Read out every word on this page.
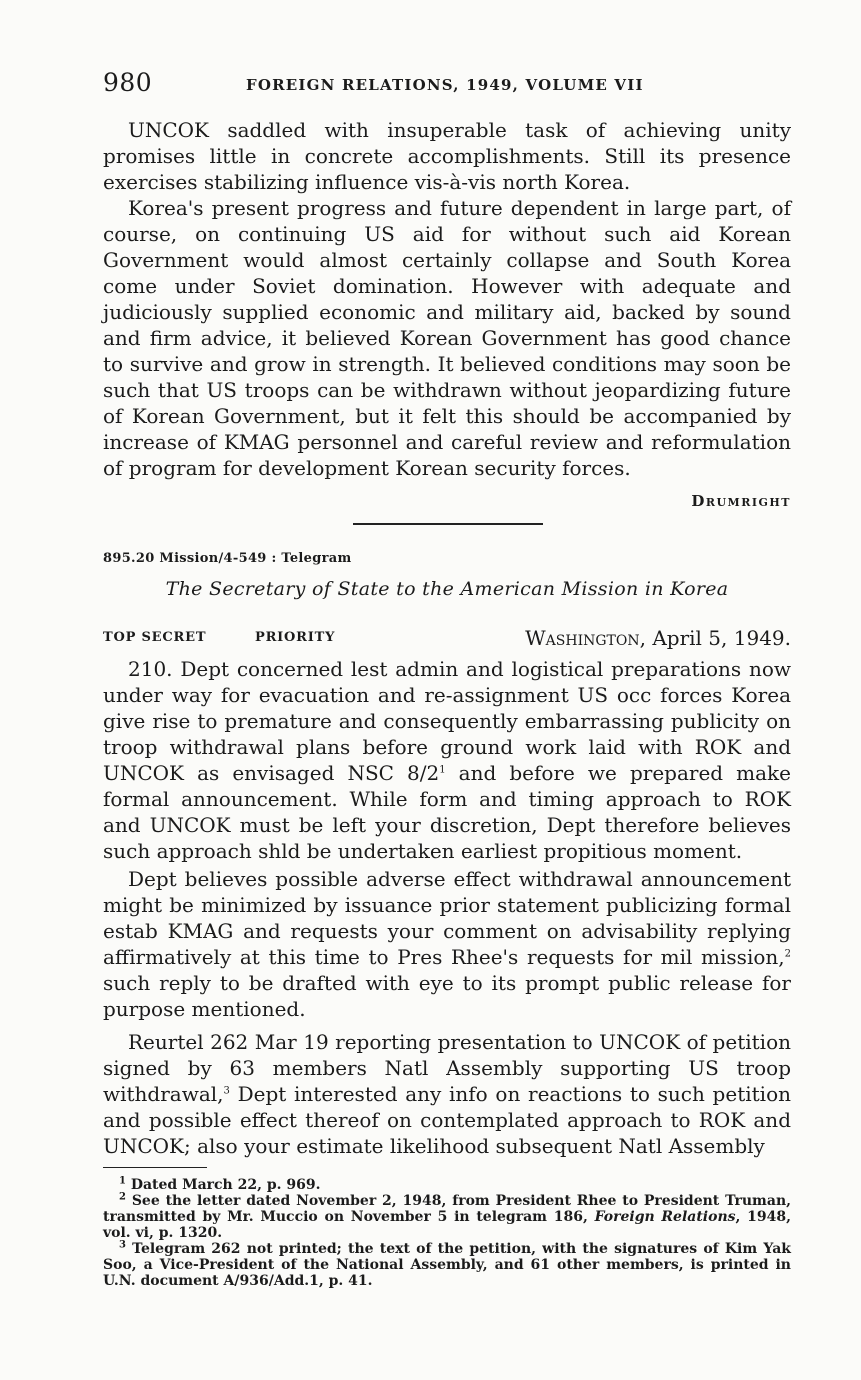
980	FOREIGN RELATIONS, 1949, VOLUME VII

UNCOK saddled with insuperable task of achieving unity promises little in concrete accomplishments. Still its presence exercises stabilizing influence vis-à-vis north Korea.

Korea's present progress and future dependent in large part, of course, on continuing US aid for without such aid Korean Government would almost certainly collapse and South Korea come under Soviet domination. However with adequate and judiciously supplied economic and military aid, backed by sound and firm advice, it believed Korean Government has good chance to survive and grow in strength. It believed conditions may soon be such that US troops can be withdrawn without jeopardizing future of Korean Government, but it felt this should be accompanied by increase of KMAG personnel and careful review and reformulation of program for development Korean security forces.

Drumright
895.20 Mission/4-549 : Telegram
The Secretary of State to the American Mission in Korea
TOP SECRET	PRIORITY	Washington, April 5, 1949.

210. Dept concerned lest admin and logistical preparations now under way for evacuation and re-assignment US occ forces Korea give rise to premature and consequently embarrassing publicity on troop withdrawal plans before ground work laid with ROK and UNCOK as envisaged NSC $8/2^1$ and before we prepared make formal announcement. While form and timing approach to ROK and UNCOK must be left your discretion, Dept therefore believes such approach shld be undertaken earliest propitious moment.

Dept believes possible adverse effect withdrawal announcement might be minimized by issuance prior statement publicizing formal estab KMAG and requests your comment on advisability replying affirmatively at this time to Pres Rhee's requests for mil mission,$^2$ such reply to be drafted with eye to its prompt public release for purpose mentioned.

Reurtel 262 Mar 19 reporting presentation to UNCOK of petition signed by 63 members Natl Assembly supporting US troop withdrawal,$^3$ Dept interested any info on reactions to such petition and possible effect thereof on contemplated approach to ROK and UNCOK; also your estimate likelihood subsequent Natl Assembly

$^1$ Dated March 22, p. 969.

$^2$ See the letter dated November 2, 1948, from President Rhee to President Truman, transmitted by Mr. Muccio on November 5 in telegram 186, Foreign Relations, 1948, vol. vi, p. 1320.

$^3$ Telegram 262 not printed; the text of the petition, with the signatures of Kim Yak Soo, a Vice-President of the National Assembly, and 61 other members, is printed in U.N. document A/936/Add.1, p. 41.
